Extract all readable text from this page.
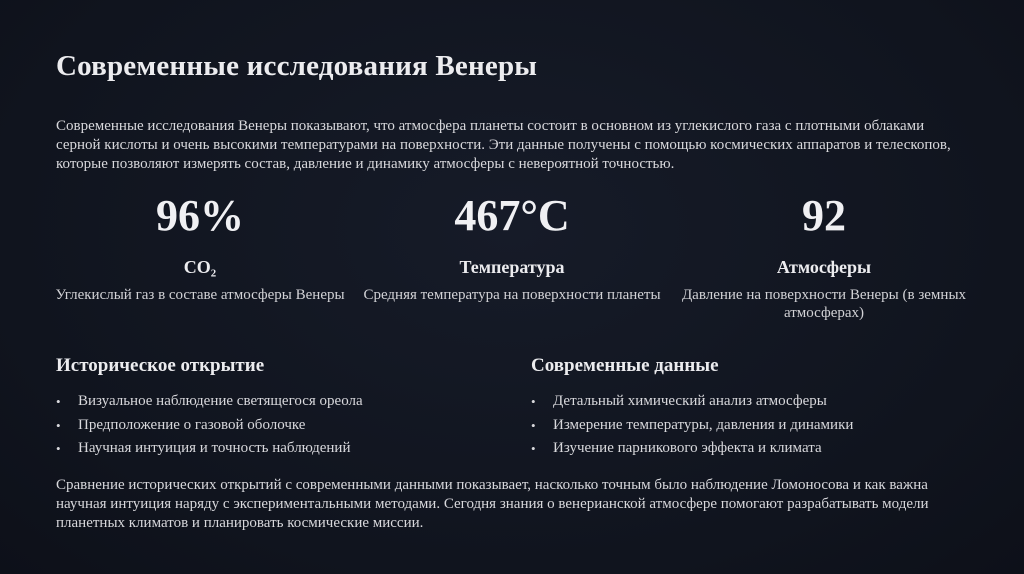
Современные исследования Венеры

Современные исследования Венеры показывают, что атмосфера планеты состоит в основном из углекислого газа с плотными облаками серной кислоты и очень высокими температурами на поверхности. Эти данные получены с помощью космических аппаратов и телескопов, которые позволяют измерять состав, давление и динамику атмосферы с невероятной точностью.

96%
CO₂
Углекислый газ в составе атмосферы Венеры
467°C
Температура
Средняя температура на поверхности планеты
92
Атмосферы
Давление на поверхности Венеры (в земных атмосферах)
Историческое открытие
• Визуальное наблюдение светящегося ореола
• Предположение о газовой оболочке
• Научная интуиция и точность наблюдений
Современные данные
• Детальный химический анализ атмосферы
• Измерение температуры, давления и динамики
• Изучение парникового эффекта и климата

Сравнение исторических открытий с современными данными показывает, насколько точным было наблюдение Ломоносова и как важна научная интуиция наряду с экспериментальными методами. Сегодня знания о венерианской атмосфере помогают разрабатывать модели планетных климатов и планировать космические миссии.
